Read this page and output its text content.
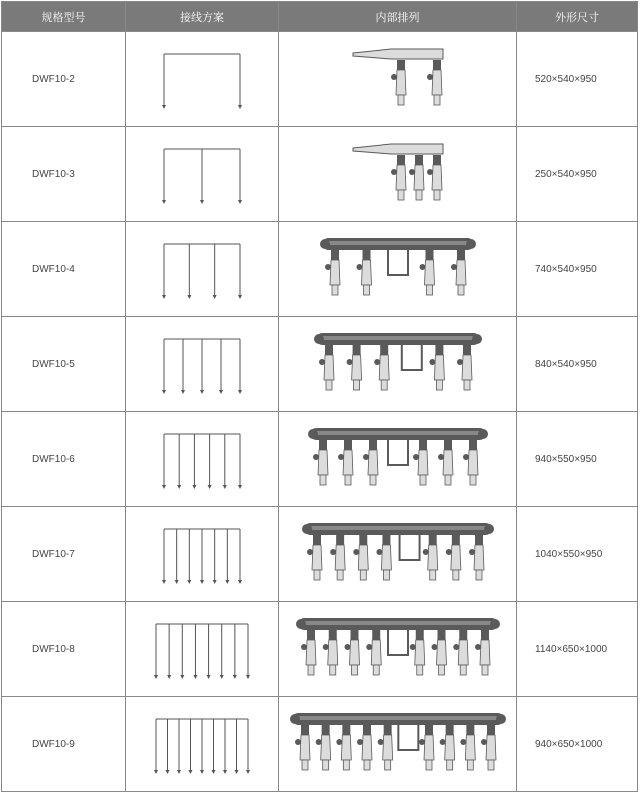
规格型号	接线方案	内部排列	外形尺寸
DWF10-2			520×540×950
DWF10-3			250×540×950
DWF10-4			740×540×950
DWF10-5			840×540×950
DWF10-6			940×550×950
DWF10-7			1040×550×950
DWF10-8			1140×650×1000
DWF10-9			940×650×1000
